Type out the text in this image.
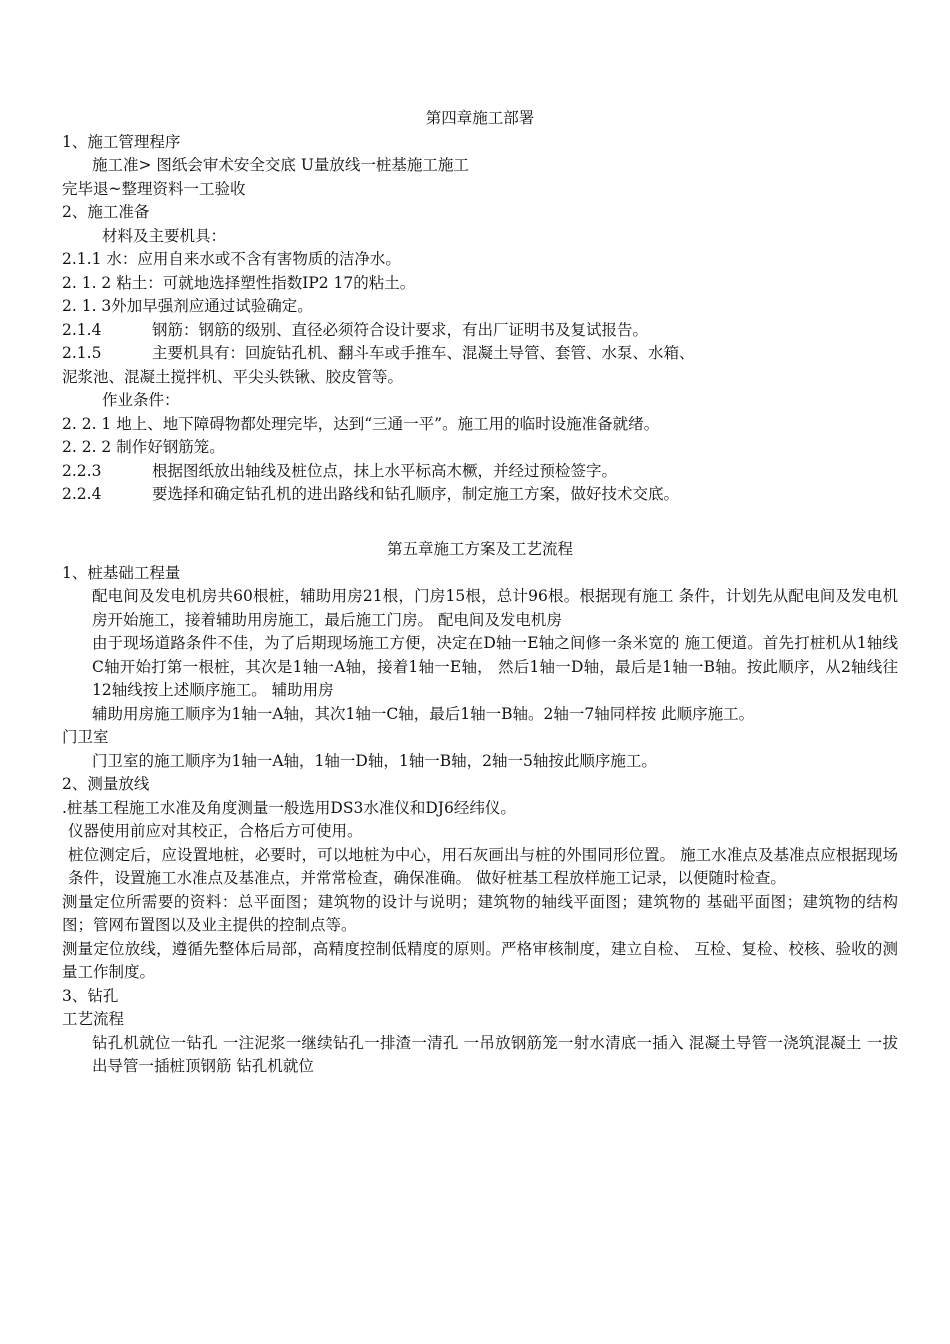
第四章施工部署
1、施工管理程序
施工准> 图纸会审术安全交底 U量放线一桩基施工施工
完毕退~整理资料一工验收
2、施工准备
材料及主要机具：
2.1.1 水：应用自来水或不含有害物质的洁净水。
2. 1. 2 粘土：可就地选择塑性指数IP2 17的粘土。
2. 1. 3外加早强剂应通过试验确定。
2.1.4	钢筋：钢筋的级别、直径必须符合设计要求，有出厂证明书及复试报告。
2.1.5	主要机具有：回旋钻孔机、翻斗车或手推车、混凝土导管、套管、水泵、水箱、
泥浆池、混凝土搅拌机、平尖头铁锹、胶皮管等。
作业条件：
2. 2. 1 地上、地下障碍物都处理完毕，达到“三通一平”。施工用的临时设施准备就绪。
2. 2. 2 制作好钢筋笼。
2.2.3	根据图纸放出轴线及桩位点，抹上水平标高木橛，并经过预检签字。
2.2.4	要选择和确定钻孔机的进出路线和钻孔顺序，制定施工方案，做好技术交底。
第五章施工方案及工艺流程
1、桩基础工程量
配电间及发电机房共60根桩，辅助用房21根，门房15根，总计96根。根据现有施工 条件，计划先从配电间及发电机房开始施工，接着辅助用房施工，最后施工门房。 配电间及发电机房
由于现场道路条件不佳，为了后期现场施工方便，决定在D轴一E轴之间修一条米宽的 施工便道。首先打桩机从1轴线C轴开始打第一根桩，其次是1轴一A轴，接着1轴一E轴， 然后1轴一D轴，最后是1轴一B轴。按此顺序，从2轴线往12轴线按上述顺序施工。 辅助用房
辅助用房施工顺序为1轴一A轴，其次1轴一C轴，最后1轴一B轴。2轴一7轴同样按 此顺序施工。
门卫室
门卫室的施工顺序为1轴一A轴，1轴一D轴，1轴一B轴，2轴一5轴按此顺序施工。
2、测量放线
.桩基工程施工水准及角度测量一般选用DS3水准仪和DJ6经纬仪。
仪器使用前应对其校正，合格后方可使用。
桩位测定后，应设置地桩，必要时，可以地桩为中心，用石灰画出与桩的外围同形位置。 施工水准点及基准点应根据现场条件，设置施工水准点及基准点，并常常检查，确保准确。 做好桩基工程放样施工记录，以便随时检查。
测量定位所需要的资料：总平面图；建筑物的设计与说明；建筑物的轴线平面图；建筑物的 基础平面图；建筑物的结构图；管网布置图以及业主提供的控制点等。
测量定位放线，遵循先整体后局部，高精度控制低精度的原则。严格审核制度，建立自检、 互检、复检、校核、验收的测量工作制度。
3、钻孔
工艺流程
钻孔机就位一钻孔 一注泥浆一继续钻孔一排渣一清孔 一吊放钢筋笼一射水清底一插入 混凝土导管一浇筑混凝土 一拔出导管一插桩顶钢筋 钻孔机就位
